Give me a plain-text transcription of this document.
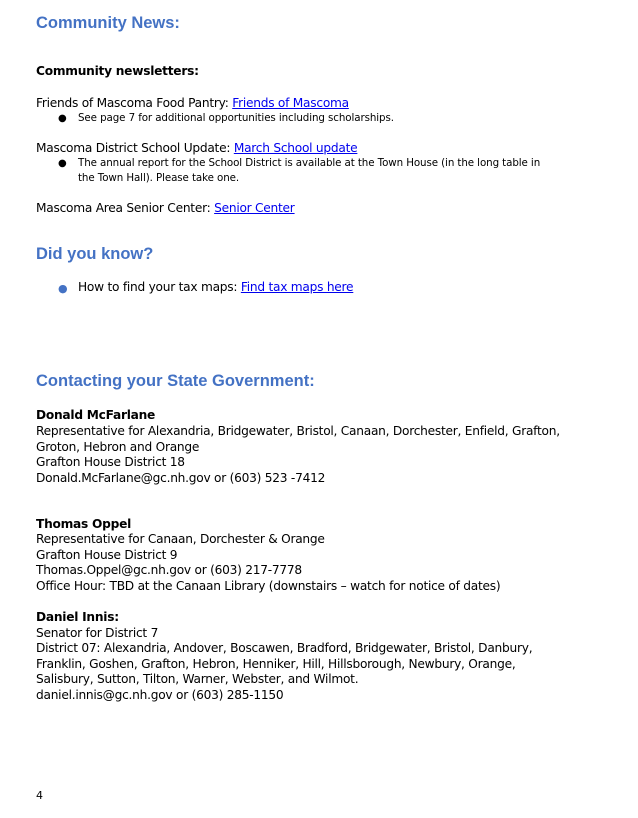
Community News:
Community newsletters:
Friends of Mascoma Food Pantry: Friends of Mascoma
● See page 7 for additional opportunities including scholarships.
Mascoma District School Update: March School update
● The annual report for the School District is available at the Town House (in the long table in
the Town Hall). Please take one.
Mascoma Area Senior Center: Senior Center
Did you know?
● How to find your tax maps: Find tax maps here
Contacting your State Government:
Donald McFarlane
Representative for Alexandria, Bridgewater, Bristol, Canaan, Dorchester, Enfield, Grafton,
Groton, Hebron and Orange
Grafton House District 18
Donald.McFarlane@gc.nh.gov or (603) 523 -7412
Thomas Oppel
Representative for Canaan, Dorchester & Orange
Grafton House District 9
Thomas.Oppel@gc.nh.gov or (603) 217-7778
Office Hour: TBD at the Canaan Library (downstairs – watch for notice of dates)
Daniel Innis:
Senator for District 7
District 07: Alexandria, Andover, Boscawen, Bradford, Bridgewater, Bristol, Danbury,
Franklin, Goshen, Grafton, Hebron, Henniker, Hill, Hillsborough, Newbury, Orange,
Salisbury, Sutton, Tilton, Warner, Webster, and Wilmot.
daniel.innis@gc.nh.gov or (603) 285-1150
4
